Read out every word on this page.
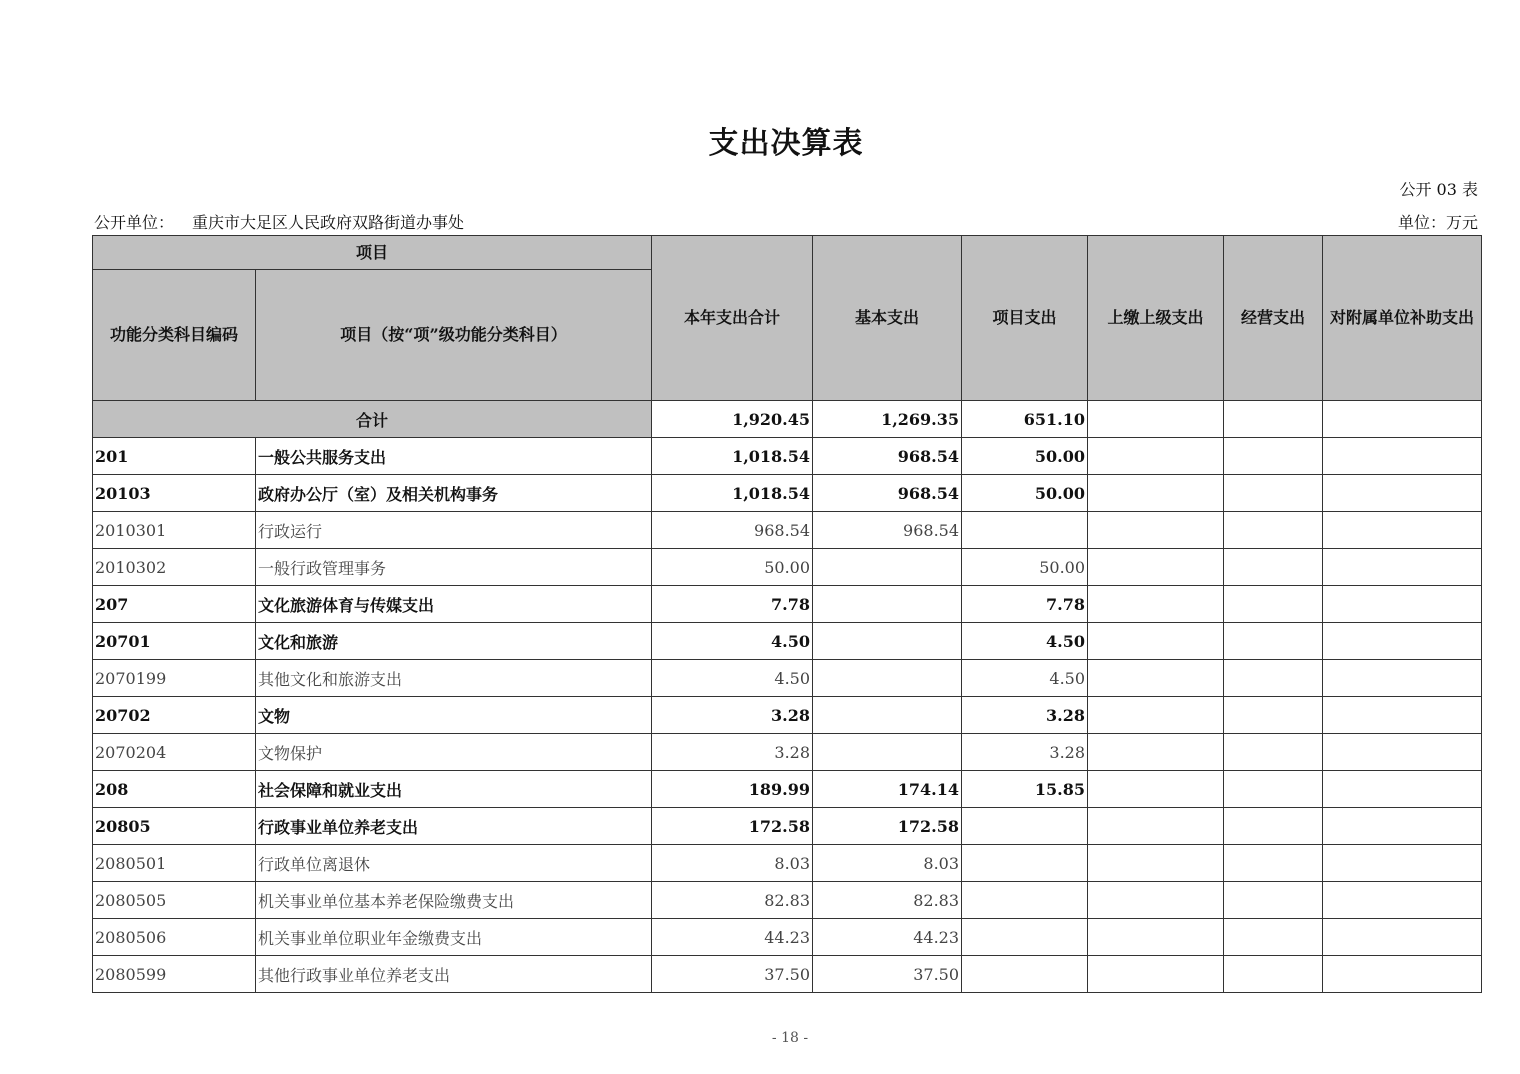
支出决算表
公开 03 表
公开单位： 重庆市大足区人民政府双路街道办事处	单位：万元
项目		本年支出合计	基本支出	项目支出	上缴上级支出	经营支出	对附属单位补助支出
功能分类科目编码	项目（按“项”级功能分类科目）						
合计		1,920.45	1,269.35	651.10			
201	一般公共服务支出	1,018.54	968.54	50.00			
20103	政府办公厅（室）及相关机构事务	1,018.54	968.54	50.00			
2010301	行政运行	968.54	968.54				
2010302	一般行政管理事务	50.00		50.00			
207	文化旅游体育与传媒支出	7.78		7.78			
20701	文化和旅游	4.50		4.50			
2070199	其他文化和旅游支出	4.50		4.50			
20702	文物	3.28		3.28			
2070204	文物保护	3.28		3.28			
208	社会保障和就业支出	189.99	174.14	15.85			
20805	行政事业单位养老支出	172.58	172.58				
2080501	行政单位离退休	8.03	8.03				
2080505	机关事业单位基本养老保险缴费支出	82.83	82.83				
2080506	机关事业单位职业年金缴费支出	44.23	44.23				
2080599	其他行政事业单位养老支出	37.50	37.50				
- 18 -
